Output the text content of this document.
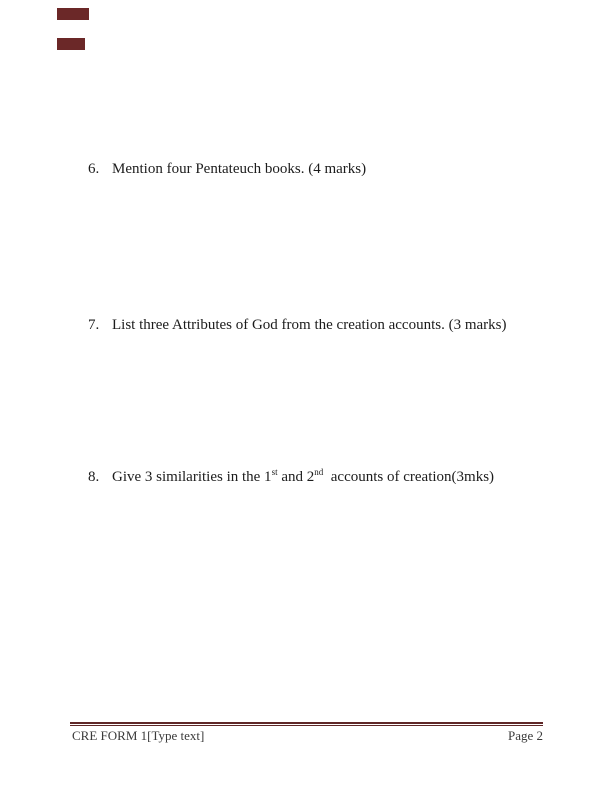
6. Mention four Pentateuch books. (4 marks)
7. List three Attributes of God from the creation accounts. (3 marks)
8. Give 3 similarities in the 1st and 2nd  accounts of creation(3mks)
CRE FORM 1[Type text]	Page 2
